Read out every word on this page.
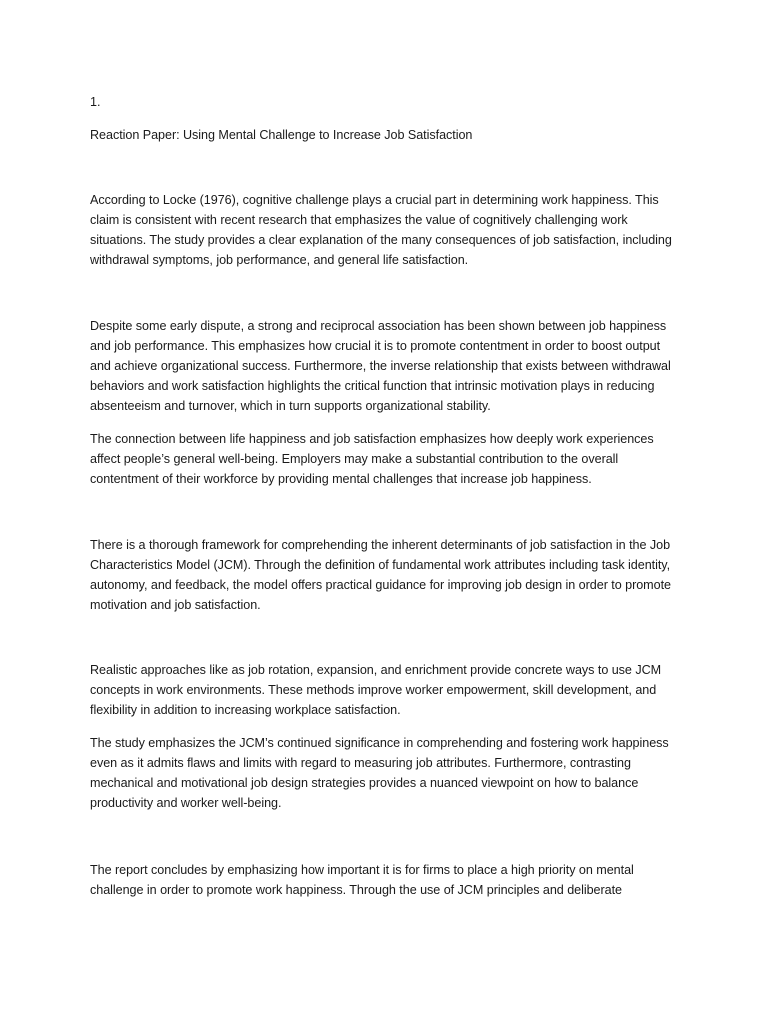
1.

Reaction Paper: Using Mental Challenge to Increase Job Satisfaction

According to Locke (1976), cognitive challenge plays a crucial part in determining work happiness. This claim is consistent with recent research that emphasizes the value of cognitively challenging work situations. The study provides a clear explanation of the many consequences of job satisfaction, including withdrawal symptoms, job performance, and general life satisfaction.

Despite some early dispute, a strong and reciprocal association has been shown between job happiness and job performance. This emphasizes how crucial it is to promote contentment in order to boost output and achieve organizational success. Furthermore, the inverse relationship that exists between withdrawal behaviors and work satisfaction highlights the critical function that intrinsic motivation plays in reducing absenteeism and turnover, which in turn supports organizational stability.

The connection between life happiness and job satisfaction emphasizes how deeply work experiences affect people’s general well-being. Employers may make a substantial contribution to the overall contentment of their workforce by providing mental challenges that increase job happiness.

There is a thorough framework for comprehending the inherent determinants of job satisfaction in the Job Characteristics Model (JCM). Through the definition of fundamental work attributes including task identity, autonomy, and feedback, the model offers practical guidance for improving job design in order to promote motivation and job satisfaction.

Realistic approaches like as job rotation, expansion, and enrichment provide concrete ways to use JCM concepts in work environments. These methods improve worker empowerment, skill development, and flexibility in addition to increasing workplace satisfaction.

The study emphasizes the JCM’s continued significance in comprehending and fostering work happiness even as it admits flaws and limits with regard to measuring job attributes. Furthermore, contrasting mechanical and motivational job design strategies provides a nuanced viewpoint on how to balance productivity and worker well-being.

The report concludes by emphasizing how important it is for firms to place a high priority on mental challenge in order to promote work happiness. Through the use of JCM principles and deliberate
